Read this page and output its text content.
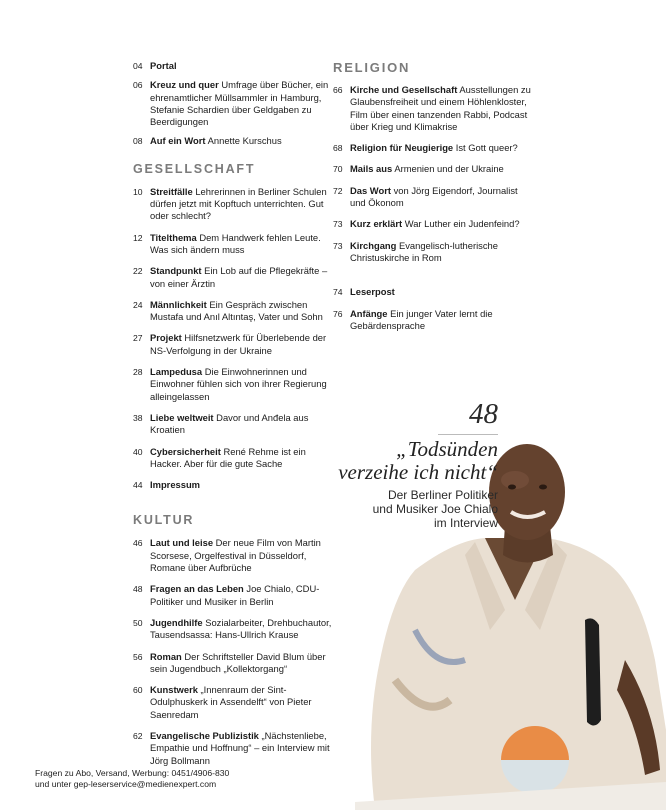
04 Portal
06 Kreuz und quer Umfrage über Bücher, ein ehrenamtlicher Müllsammler in Hamburg, Stefanie Schardien über Geldgaben zu Beerdigungen
08 Auf ein Wort Annette Kurschus
GESELLSCHAFT
10 Streitfälle Lehrerinnen in Berliner Schulen dürfen jetzt mit Kopftuch unterrichten. Gut oder schlecht?
12 Titelthema Dem Handwerk fehlen Leute. Was sich ändern muss
22 Standpunkt Ein Lob auf die Pflegekräfte – von einer Ärztin
24 Männlichkeit Ein Gespräch zwischen Mustafa und Anıl Altıntaş, Vater und Sohn
27 Projekt Hilfsnetzwerk für Überlebende der NS-Verfolgung in der Ukraine
28 Lampedusa Die Einwohnerinnen und Einwohner fühlen sich von ihrer Regierung alleingelassen
38 Liebe weltweit Davor und Anđela aus Kroatien
40 Cybersicherheit René Rehme ist ein Hacker. Aber für die gute Sache
44 Impressum
KULTUR
46 Laut und leise Der neue Film von Martin Scorsese, Orgelfestival in Düsseldorf, Romane über Aufbrüche
48 Fragen an das Leben Joe Chialo, CDU-Politiker und Musiker in Berlin
50 Jugendhilfe Sozialarbeiter, Drehbuchautor, Tausendsassa: Hans-Ullrich Krause
56 Roman Der Schriftsteller David Blum über sein Jugendbuch „Kollektorgang“
60 Kunstwerk „Innenraum der Sint-Odulphuskerk in Assendelft“ von Pieter Saenredam
62 Evangelische Publizistik „Nächstenliebe, Empathie und Hoffnung“ – ein Interview mit Jörg Bollmann
RELIGION
66 Kirche und Gesellschaft Ausstellungen zu Glaubensfreiheit und einem Höhlenkloster, Film über einen tanzenden Rabbi, Podcast über Krieg und Klimakrise
68 Religion für Neugierige Ist Gott queer?
70 Mails aus Armenien und der Ukraine
72 Das Wort von Jörg Eigendorf, Journalist und Ökonom
73 Kurz erklärt War Luther ein Judenfeind?
73 Kirchgang Evangelisch-lutherische Christuskirche in Rom
74 Leserpost
76 Anfänge Ein junger Vater lernt die Gebärdensprache
48
„Todsünden
verzeihe ich nicht“
Der Berliner Politiker
und Musiker Joe Chialo
im Interview
Fragen zu Abo, Versand, Werbung: 0451/4906-830
und unter gep-leserservice@medienexpert.com
